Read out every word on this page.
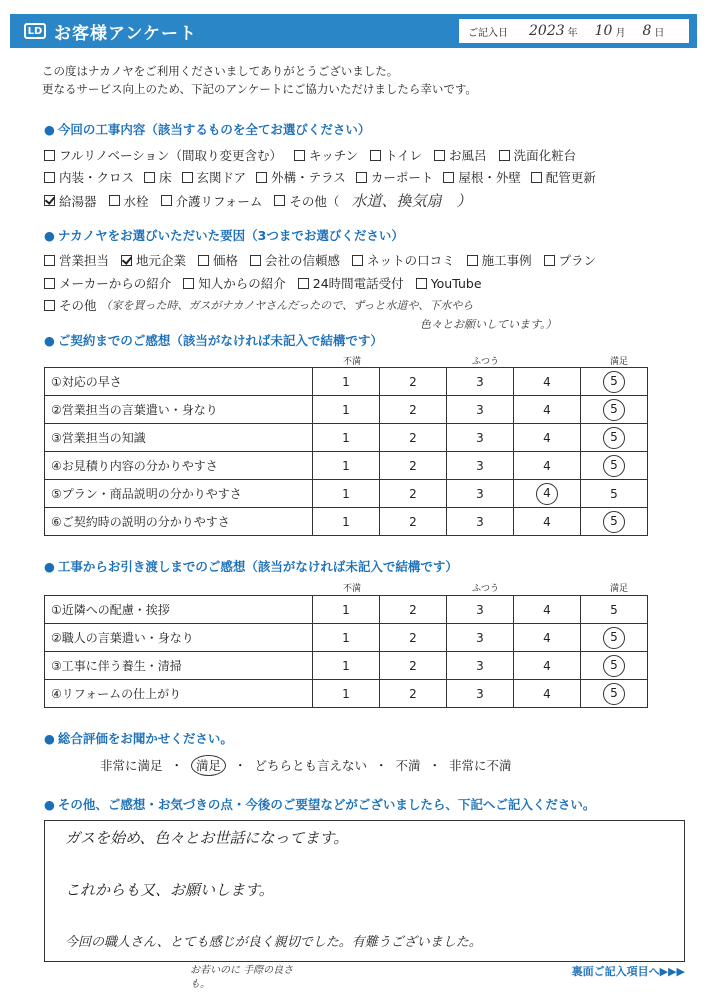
LD お客様アンケート	ご記入日 2023 年 10 月 8 日
この度はナカノヤをご利用くださいましてありがとうございました。
更なるサービス向上のため、下記のアンケートにご協力いただけましたら幸いです。
● 今回の工事内容（該当するものを全てお選びください）
フルリノベーション（間取り変更含む） キッチン トイレ お風呂 洗面化粧台
内装・クロス 床 玄関ドア 外構・テラス カーポート 屋根・外壁 配管更新
給湯器 水栓 介護リフォーム その他（ 水道、換気扇　）
● ナカノヤをお選びいただいた要因（3つまでお選びください）
営業担当 地元企業 価格 会社の信頼感 ネットの口コミ 施工事例 プラン
メーカーからの紹介 知人からの紹介 24時間電話受付 YouTube
その他 （家を買った時、ガスがナカノヤさんだったので、ずっと水道や、下水やら
色々とお願いしています。）
● ご契約までのご感想（該当がなければ未記入で結構です）
不満	ふつう	満足
①対応の早さ	1	2	3	4	5
②営業担当の言葉遣い・身なり	1	2	3	4	5
③営業担当の知識	1	2	3	4	5
④お見積り内容の分かりやすさ	1	2	3	4	5
⑤プラン・商品説明の分かりやすさ	1	2	3	4	5
⑥ご契約時の説明の分かりやすさ	1	2	3	4	5
● 工事からお引き渡しまでのご感想（該当がなければ未記入で結構です）
不満	ふつう	満足
①近隣への配慮・挨拶	1	2	3	4	5
②職人の言葉遣い・身なり	1	2	3	4	5
③工事に伴う養生・清掃	1	2	3	4	5
④リフォームの仕上がり	1	2	3	4	5
● 総合評価をお聞かせください。
非常に満足 ・ 満足 ・ どちらとも言えない ・ 不満 ・ 非常に不満
● その他、ご感想・お気づきの点・今後のご要望などがございましたら、下記へご記入ください。
ガスを始め、色々とお世話になってます。
これからも又、お願いします。
今回の職人さん、とても感じが良く親切でした。有難うございました。
お若いのに 手際の良さも。
裏面ご記入項目へ▶▶▶
